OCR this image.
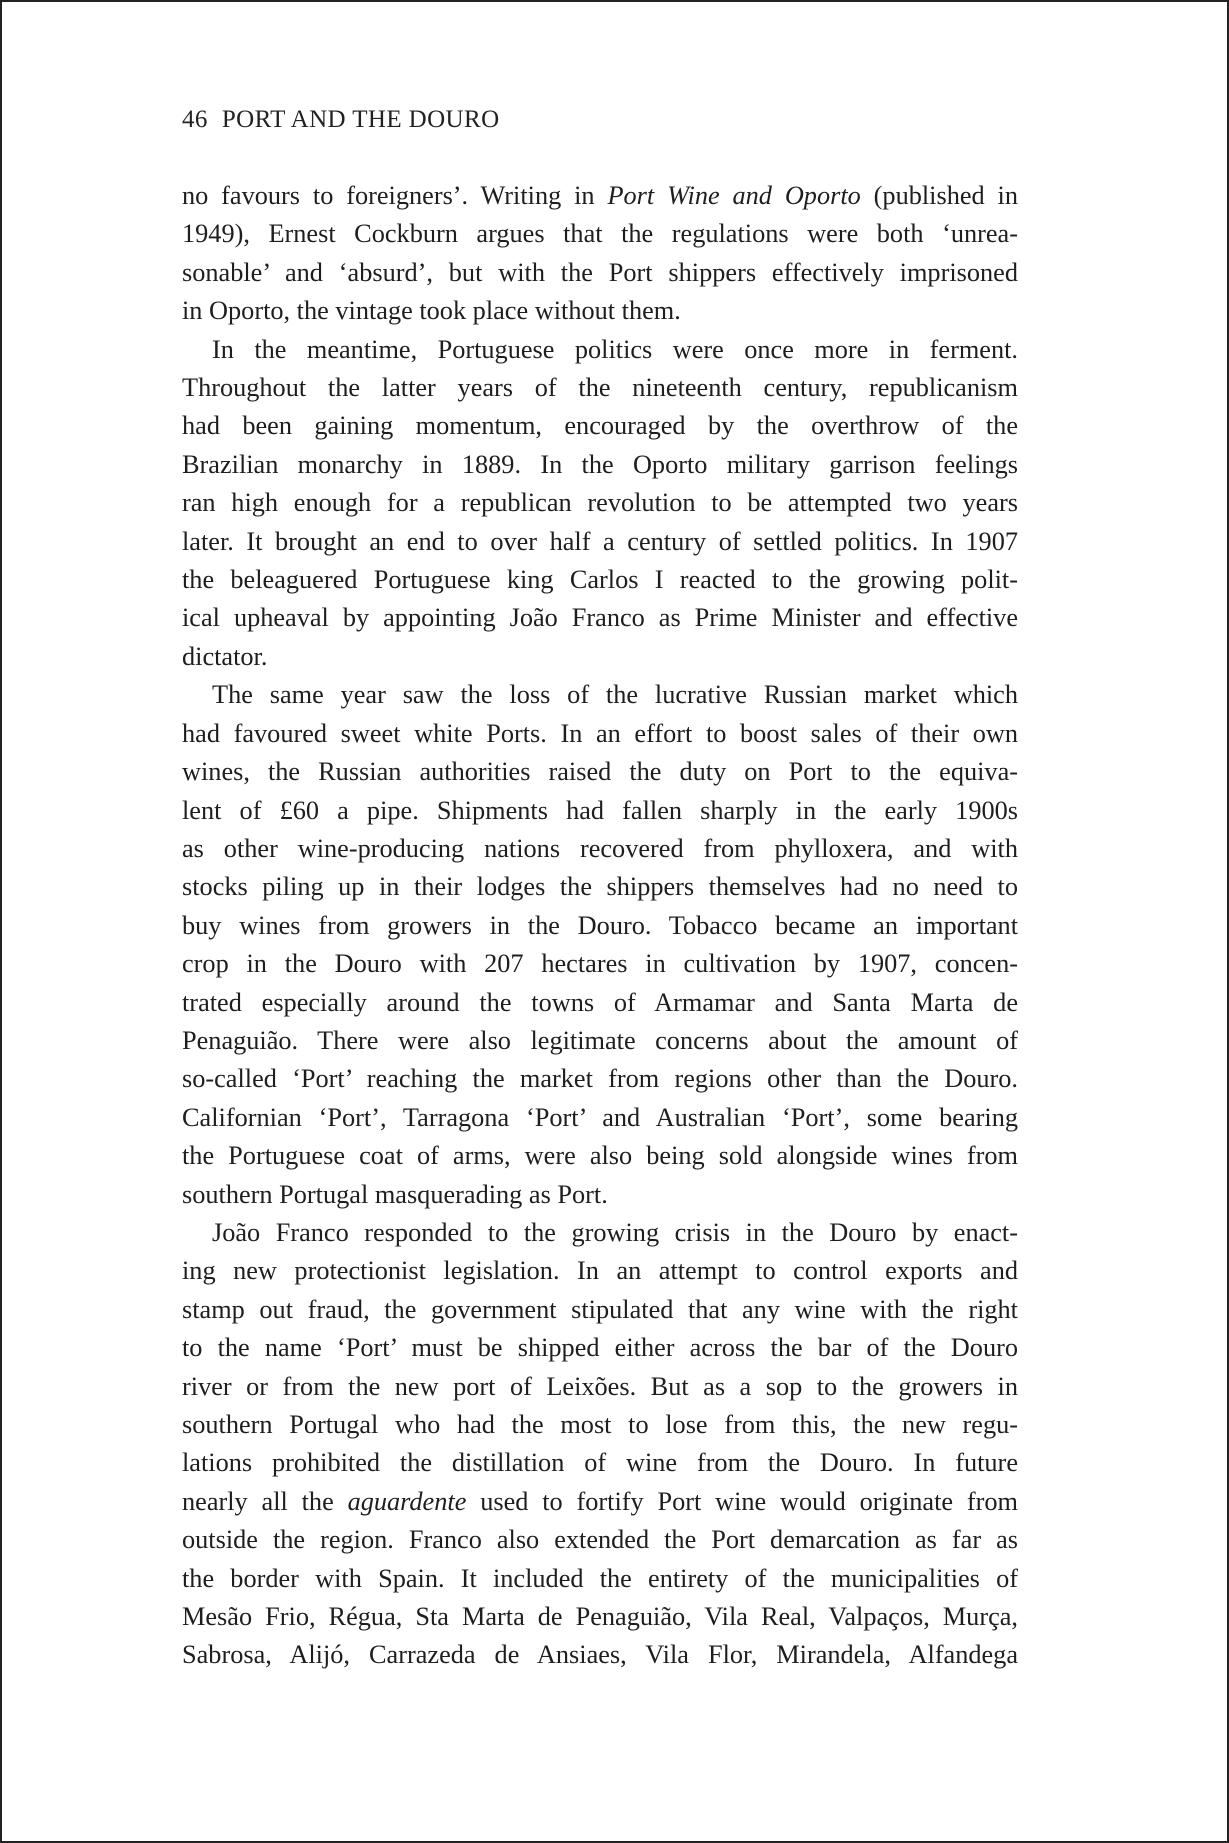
46 PORT AND THE DOURO
no favours to foreigners’. Writing in Port Wine and Oporto (published in
1949), Ernest Cockburn argues that the regulations were both ‘unrea-
sonable’ and ‘absurd’, but with the Port shippers effectively imprisoned
in Oporto, the vintage took place without them.
In the meantime, Portuguese politics were once more in ferment.
Throughout the latter years of the nineteenth century, republicanism
had been gaining momentum, encouraged by the overthrow of the
Brazilian monarchy in 1889. In the Oporto military garrison feelings
ran high enough for a republican revolution to be attempted two years
later. It brought an end to over half a century of settled politics. In 1907
the beleaguered Portuguese king Carlos I reacted to the growing polit-
ical upheaval by appointing João Franco as Prime Minister and effective
dictator.
The same year saw the loss of the lucrative Russian market which
had favoured sweet white Ports. In an effort to boost sales of their own
wines, the Russian authorities raised the duty on Port to the equiva-
lent of £60 a pipe. Shipments had fallen sharply in the early 1900s
as other wine-producing nations recovered from phylloxera, and with
stocks piling up in their lodges the shippers themselves had no need to
buy wines from growers in the Douro. Tobacco became an important
crop in the Douro with 207 hectares in cultivation by 1907, concen-
trated especially around the towns of Armamar and Santa Marta de
Penaguião. There were also legitimate concerns about the amount of
so-called ‘Port’ reaching the market from regions other than the Douro.
Californian ‘Port’, Tarragona ‘Port’ and Australian ‘Port’, some bearing
the Portuguese coat of arms, were also being sold alongside wines from
southern Portugal masquerading as Port.
João Franco responded to the growing crisis in the Douro by enact-
ing new protectionist legislation. In an attempt to control exports and
stamp out fraud, the government stipulated that any wine with the right
to the name ‘Port’ must be shipped either across the bar of the Douro
river or from the new port of Leixões. But as a sop to the growers in
southern Portugal who had the most to lose from this, the new regu-
lations prohibited the distillation of wine from the Douro. In future
nearly all the aguardente used to fortify Port wine would originate from
outside the region. Franco also extended the Port demarcation as far as
the border with Spain. It included the entirety of the municipalities of
Mesão Frio, Régua, Sta Marta de Penaguião, Vila Real, Valpaços, Murça,
Sabrosa, Alijó, Carrazeda de Ansiaes, Vila Flor, Mirandela, Alfandega
